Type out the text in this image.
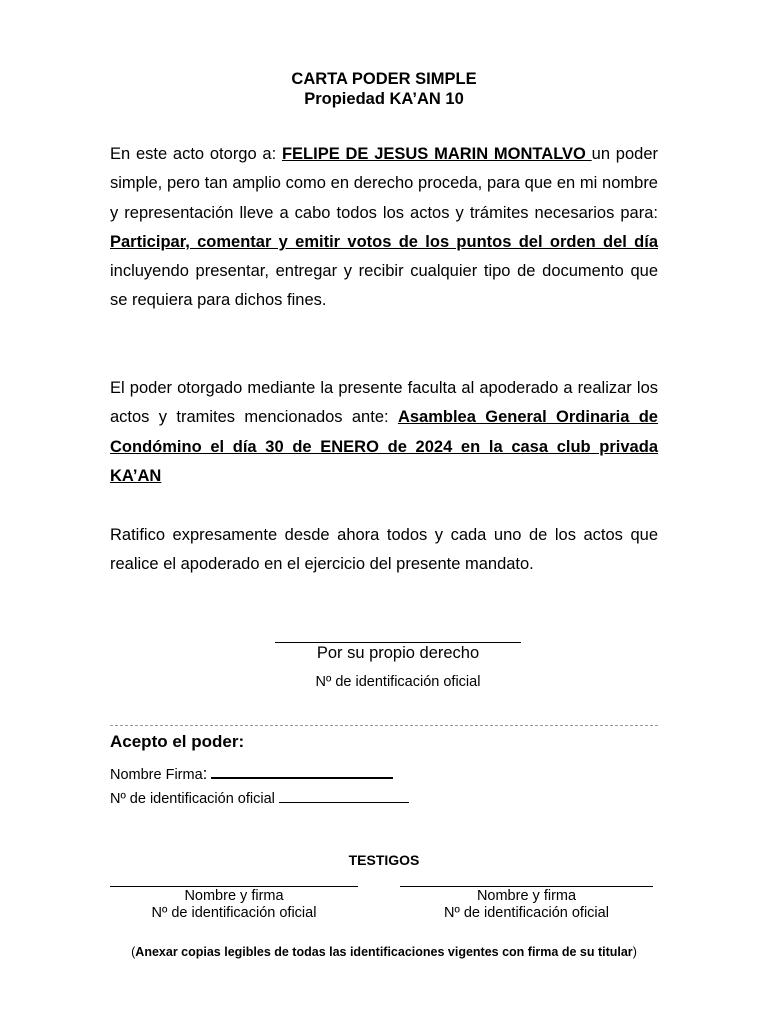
CARTA PODER SIMPLE
Propiedad KA’AN 10
En este acto otorgo a: FELIPE DE JESUS MARIN MONTALVO un poder simple, pero tan amplio como en derecho proceda, para que en mi nombre y representación lleve a cabo todos los actos y trámites necesarios para: Participar, comentar y emitir votos de los puntos del orden del día incluyendo presentar, entregar y recibir cualquier tipo de documento que se requiera para dichos fines.
El poder otorgado mediante la presente faculta al apoderado a realizar los actos y tramites mencionados ante: Asamblea General Ordinaria de Condómino el día 30 de ENERO de 2024 en la casa club privada KA’AN
Ratifico expresamente desde ahora todos y cada uno de los actos que realice el apoderado en el ejercicio del presente mandato.
Por su propio derecho
Nº de identificación oficial
Acepto el poder:
Nombre Firma:
Nº de identificación oficial
TESTIGOS
Nombre y firma
Nº de identificación oficial
Nombre y firma
Nº de identificación oficial
(Anexar copias legibles de todas las identificaciones vigentes con firma de su titular)
